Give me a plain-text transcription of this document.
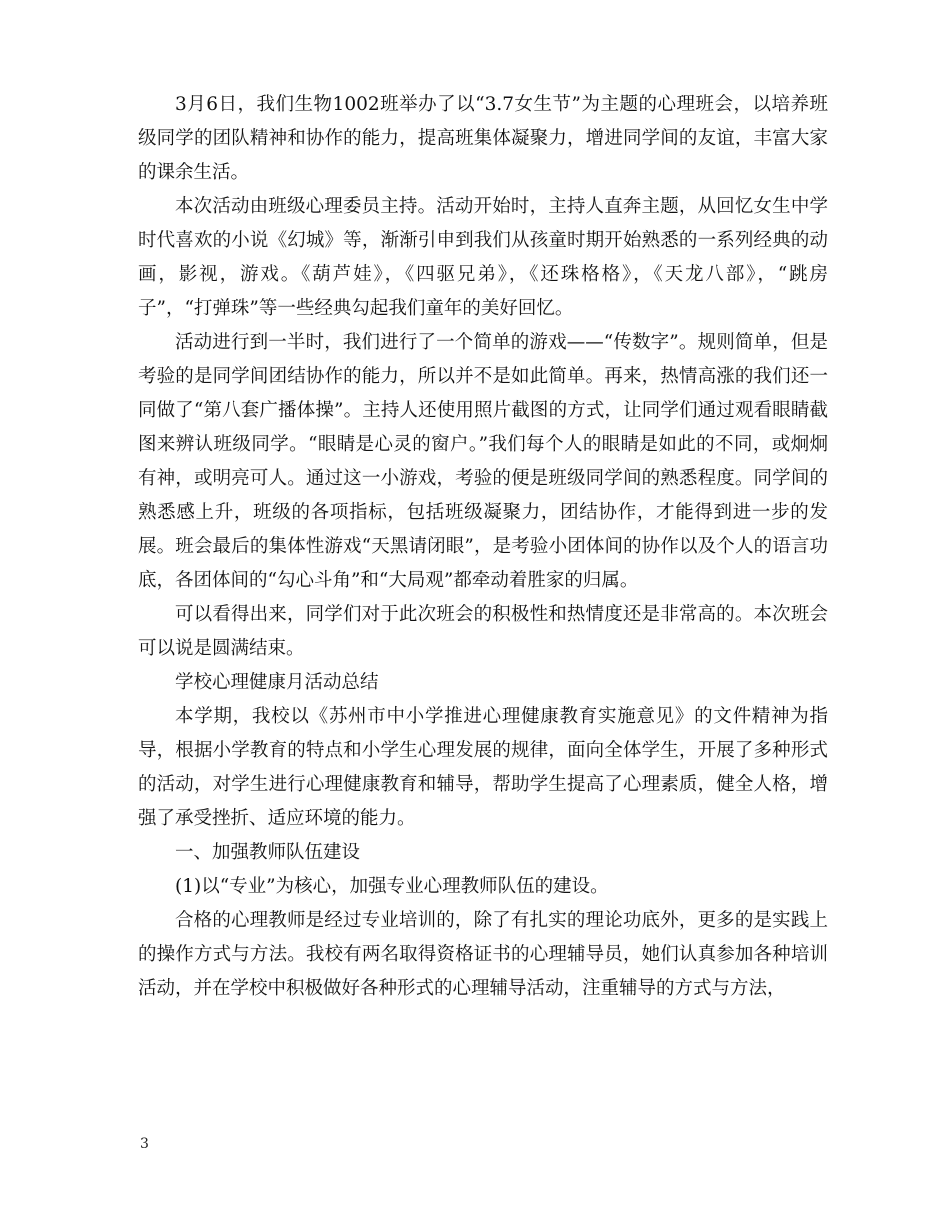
3月6日，我们生物1002班举办了以“3.7女生节”为主题的心理班会，以培养班级同学的团队精神和协作的能力，提高班集体凝聚力，增进同学间的友谊，丰富大家的课余生活。

本次活动由班级心理委员主持。活动开始时，主持人直奔主题，从回忆女生中学时代喜欢的小说《幻城》等，渐渐引申到我们从孩童时期开始熟悉的一系列经典的动画，影视，游戏。《葫芦娃》，《四驱兄弟》，《还珠格格》，《天龙八部》，“跳房子”，“打弹珠”等一些经典勾起我们童年的美好回忆。

活动进行到一半时，我们进行了一个简单的游戏——“传数字”。规则简单，但是考验的是同学间团结协作的能力，所以并不是如此简单。再来，热情高涨的我们还一同做了“第八套广播体操”。主持人还使用照片截图的方式，让同学们通过观看眼睛截图来辨认班级同学。“眼睛是心灵的窗户。”我们每个人的眼睛是如此的不同，或炯炯有神，或明亮可人。通过这一小游戏，考验的便是班级同学间的熟悉程度。同学间的熟悉感上升，班级的各项指标，包括班级凝聚力，团结协作，才能得到进一步的发展。班会最后的集体性游戏“天黑请闭眼”，是考验小团体间的协作以及个人的语言功底，各团体间的“勾心斗角”和“大局观”都牵动着胜家的归属。

可以看得出来，同学们对于此次班会的积极性和热情度还是非常高的。本次班会可以说是圆满结束。

学校心理健康月活动总结

本学期，我校以《苏州市中小学推进心理健康教育实施意见》的文件精神为指导，根据小学教育的特点和小学生心理发展的规律，面向全体学生，开展了多种形式的活动，对学生进行心理健康教育和辅导，帮助学生提高了心理素质，健全人格，增强了承受挫折、适应环境的能力。

一、加强教师队伍建设

(1)以“专业”为核心，加强专业心理教师队伍的建设。

合格的心理教师是经过专业培训的，除了有扎实的理论功底外，更多的是实践上的操作方式与方法。我校有两名取得资格证书的心理辅导员，她们认真参加各种培训活动，并在学校中积极做好各种形式的心理辅导活动，注重辅导的方式与方法，

3
